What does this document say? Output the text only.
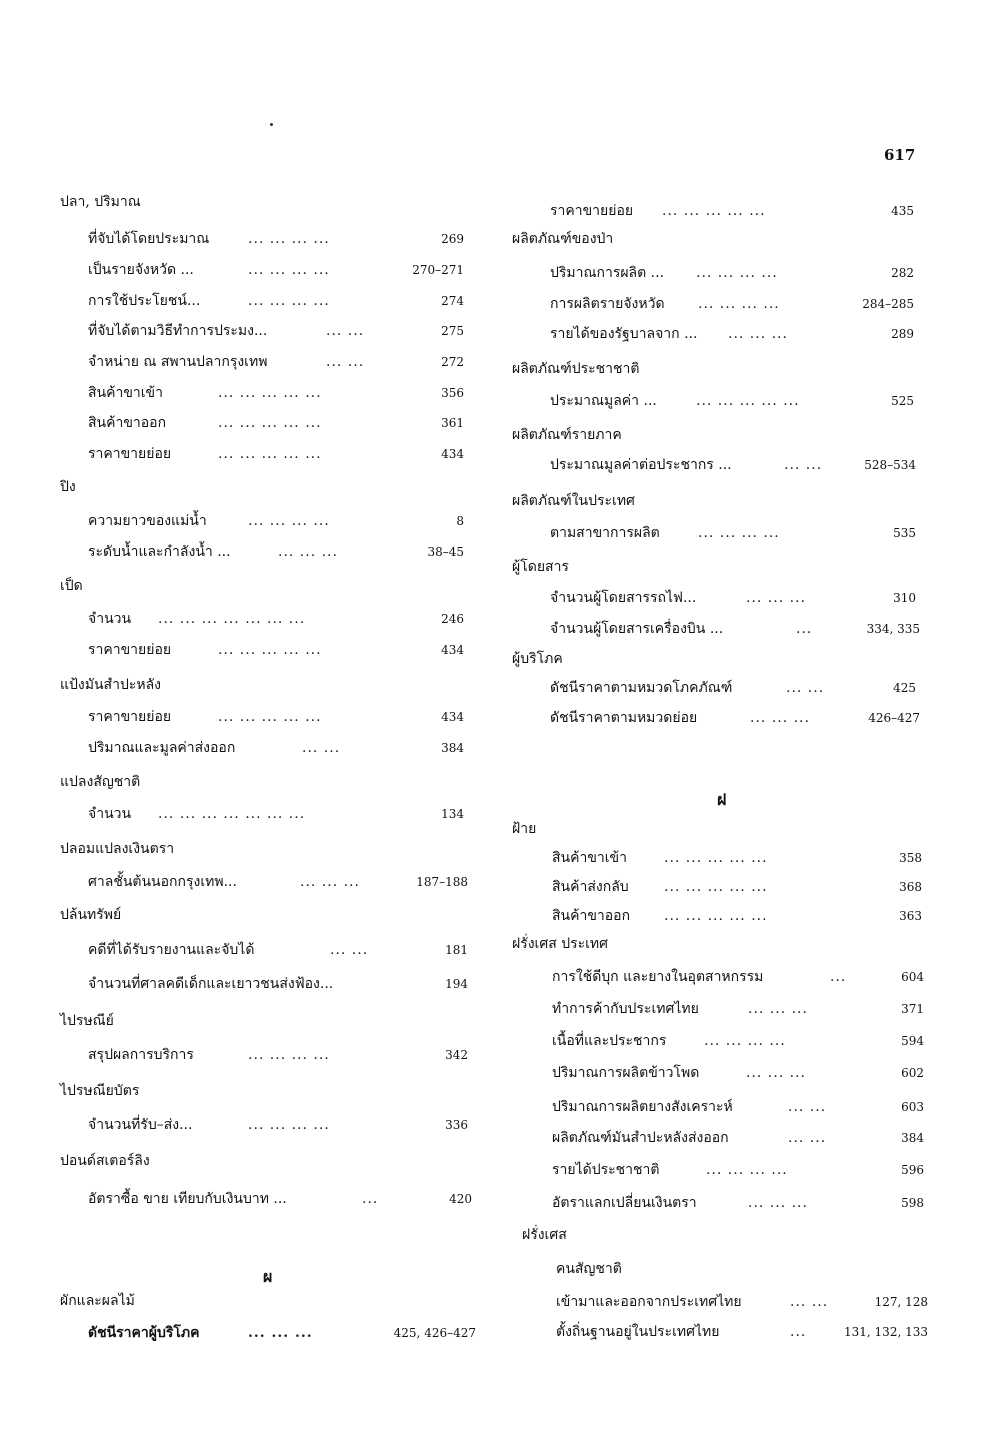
617
ปลา, ปริมาณ
ที่จับได้โดยประมาณ	... ... ... ...	269
เป็นรายจังหวัด ...	... ... ... ...	270–271
การใช้ประโยชน์...	... ... ... ...	274
ที่จับได้ตามวิธีทำการประมง...	... ...	275
จำหน่าย ณ สพานปลากรุงเทพ	... ...	272
สินค้าขาเข้า	... ... ... ... ...	356
สินค้าขาออก	... ... ... ... ...	361
ราคาขายย่อย	... ... ... ... ...	434
ปิง
ความยาวของแม่น้ำ	... ... ... ...	8
ระดับน้ำและกำลังน้ำ ...	... ... ...	38–45
เป็ด
จำนวน ... ... ... ... ... ... ...	246
ราคาขายย่อย	... ... ... ... ...	434
แป้งมันสำปะหลัง
ราคาขายย่อย	... ... ... ... ...	434
ปริมาณและมูลค่าส่งออก	... ...	384
แปลงสัญชาติ
จำนวน ... ... ... ... ... ... ...	134
ปลอมแปลงเงินตรา
ศาลชั้นต้นนอกกรุงเทพ...	... ... ...	187–188
ปล้นทรัพย์
คดีที่ได้รับรายงานและจับได้	... ...	181
จำนวนที่ศาลคดีเด็กและเยาวชนส่งฟ้อง...	194
ไปรษณีย์
สรุปผลการบริการ	... ... ... ...	342
ไปรษณียบัตร
จำนวนที่รับ–ส่ง...	... ... ... ...	336
ปอนด์สเตอร์ลิง
อัตราซื้อ ขาย เทียบกับเงินบาท ...	...	420
ผ
ผักและผลไม้
ดัชนีราคาผู้บริโภค	... ... ...	425, 426–427
ราคาขายย่อย ... ... ... ... ...	435
ผลิตภัณฑ์ของป่า
ปริมาณการผลิต ... ... ... ... ...	282
การผลิตรายจังหวัด ... ... ... ...	284–285
รายได้ของรัฐบาลจาก ... ... ... ...	289
ผลิตภัณฑ์ประชาชาติ
ประมาณมูลค่า ...	... ... ... ... ...	525
ผลิตภัณฑ์รายภาค
ประมาณมูลค่าต่อประชากร ...	... ...	528–534
ผลิตภัณฑ์ในประเทศ
ตามสาขาการผลิต	... ... ... ...	535
ผู้โดยสาร
จำนวนผู้โดยสารรถไฟ...	... ... ...	310
จำนวนผู้โดยสารเครื่องบิน ...	...	334, 335
ผู้บริโภค
ดัชนีราคาตามหมวดโภคภัณฑ์	... ...	425
ดัชนีราคาตามหมวดย่อย	... ... ...	426–427
ฝ
ฝ้าย
สินค้าขาเข้า	... ... ... ... ...	358
สินค้าส่งกลับ	... ... ... ... ...	368
สินค้าขาออก ... ... ... ... ...	363
ฝรั่งเศส ประเทศ
การใช้ดีบุก และยางในอุตสาหกรรม	...	604
ทำการค้ากับประเทศไทย	... ... ...	371
เนื้อที่และประชากร	... ... ... ...	594
ปริมาณการผลิตข้าวโพด	... ... ...	602
ปริมาณการผลิตยางสังเคราะห์	... ...	603
ผลิตภัณฑ์มันสำปะหลังส่งออก	... ...	384
รายได้ประชาชาติ	... ... ... ...	596
อัตราแลกเปลี่ยนเงินตรา	... ... ...	598
ฝรั่งเศส
คนสัญชาติ
เข้ามาและออกจากประเทศไทย	... ...	127, 128
ตั้งถิ่นฐานอยู่ในประเทศไทย	...	131, 132, 133
